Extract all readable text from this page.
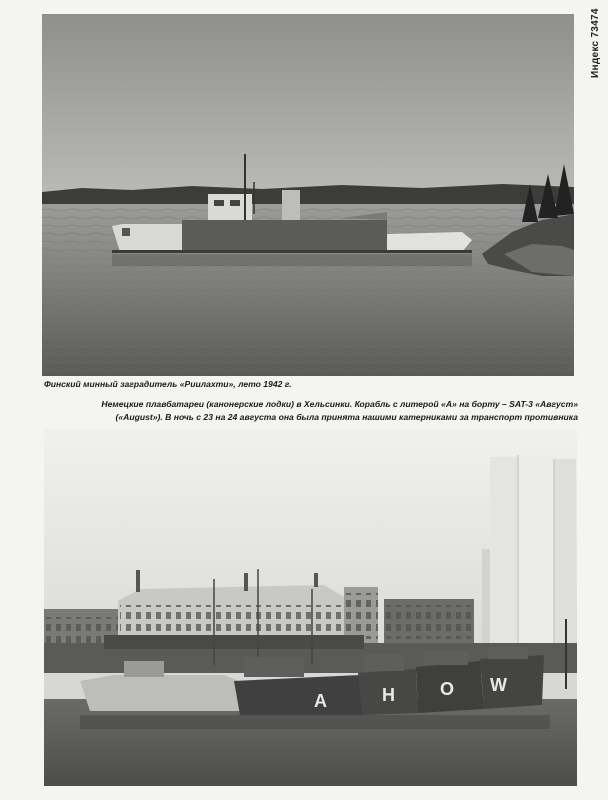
Финский минный заградитель «Риилахти», лето 1942 г.
Немецкие плавбатареи (канонерские лодки) в Хельсинки. Корабль с литерой «А» на борту – SAT-3 «Август»
(«August»). В ночь с 23 на 24 августа она была принята нашими катерниками за транспорт противника
A	H	O W
Индекс 73474
